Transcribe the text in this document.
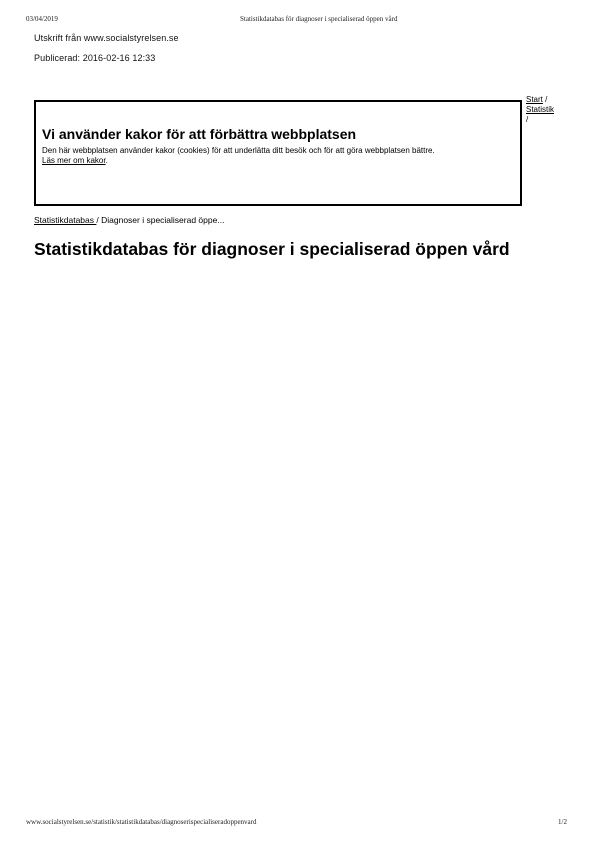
03/04/2019	Statistikdatabas för diagnoser i specialiserad öppen vård
Utskrift från www.socialstyrelsen.se
Publicerad: 2016-02-16 12:33
Start /
Statistik
/
Vi använder kakor för att förbättra webbplatsen
Den här webbplatsen använder kakor (cookies) för att underlätta ditt besök och för att göra webbplatsen bättre.
Läs mer om kakor.
Statistikdatabas / Diagnoser i specialiserad öppe...
Statistikdatabas för diagnoser i specialiserad öppen vård
www.socialstyrelsen.se/statistik/statistikdatabas/diagnoserispecialiseradoppenvard	1/2
